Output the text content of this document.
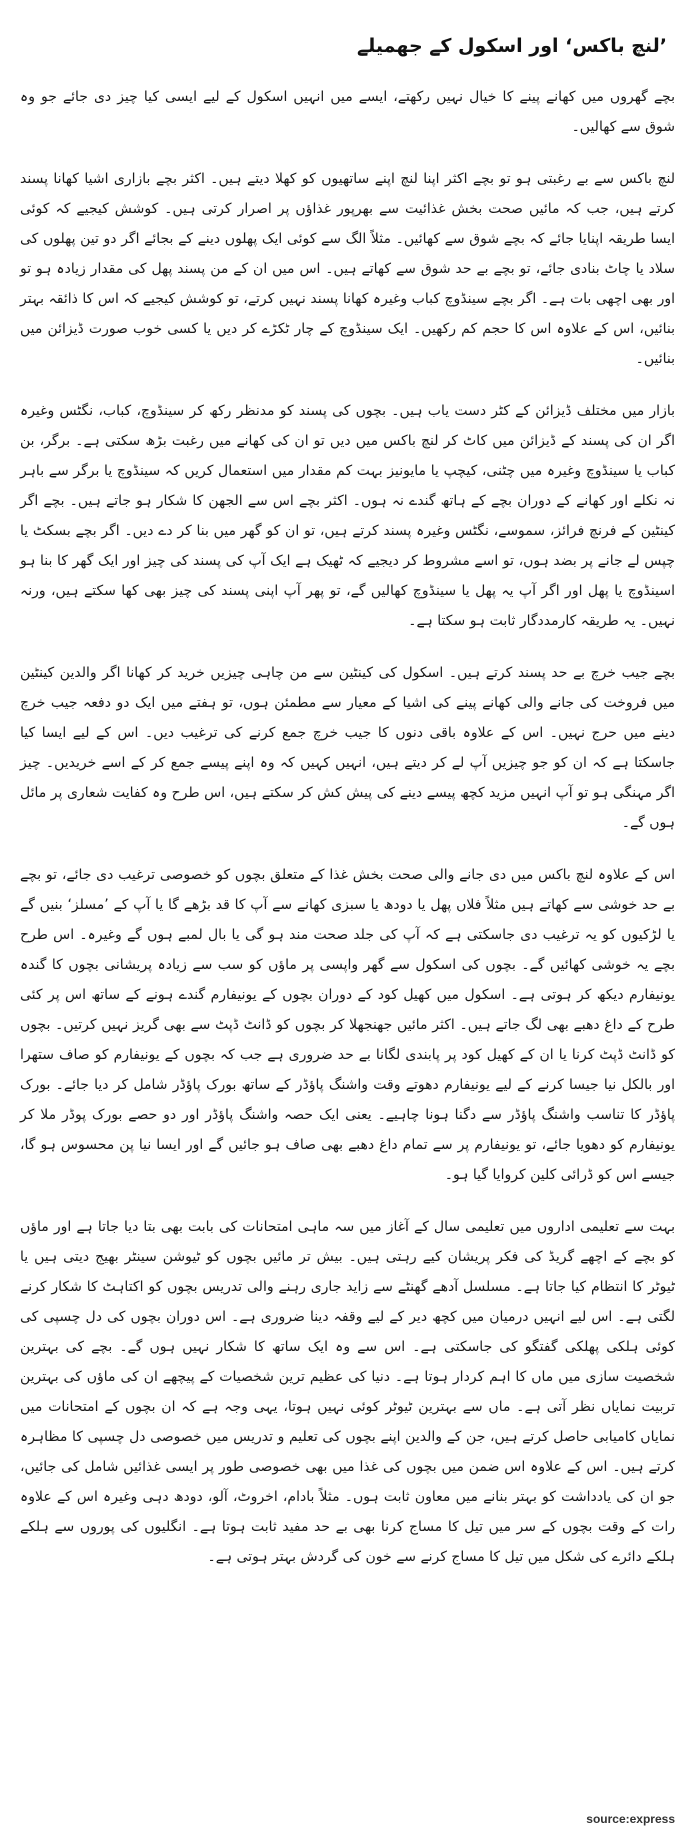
’لنچ باکس‘ اور اسکول کے جھمیلے

بچے گھروں میں کھانے پینے کا خیال نہیں رکھتے، ایسے میں انہیں اسکول کے لیے ایسی کیا چیز دی جائے جو وہ شوق سے کھالیں۔

لنچ باکس سے بے رغبتی ہو تو بچے اکثر اپنا لنچ اپنے ساتھیوں کو کھلا دیتے ہیں۔ اکثر بچے بازاری اشیا کھانا پسند کرتے ہیں، جب کہ مائیں صحت بخش غذائیت سے بھرپور غذاؤں پر اصرار کرتی ہیں۔ کوشش کیجیے کہ کوئی ایسا طریقہ اپنایا جائے کہ بچے شوق سے کھائیں۔ مثلاً الگ سے کوئی ایک پھلوں دینے کے بجائے اگر دو تین پھلوں کی سلاد یا چاٹ بنادی جائے، تو بچے بے حد شوق سے کھاتے ہیں۔ اس میں ان کے من پسند پھل کی مقدار زیادہ ہو تو اور بھی اچھی بات ہے۔ اگر بچے سینڈوچ کباب وغیرہ کھانا پسند نہیں کرتے، تو کوشش کیجیے کہ اس کا ذائقہ بہتر بنائیں، اس کے علاوہ اس کا حجم کم رکھیں۔ ایک سینڈوچ کے چار ٹکڑے کر دیں یا کسی خوب صورت ڈیزائن میں بنائیں۔

بازار میں مختلف ڈیزائن کے کٹر دست یاب ہیں۔ بچوں کی پسند کو مدنظر رکھ کر سینڈوچ، کباب، نگٹس وغیرہ اگر ان کی پسند کے ڈیزائن میں کاٹ کر لنچ باکس میں دیں تو ان کی کھانے میں رغبت بڑھ سکتی ہے۔ برگر، بن کباب یا سینڈوچ وغیرہ میں چٹنی، کیچپ یا مایونیز بہت کم مقدار میں استعمال کریں کہ سینڈوچ یا برگر سے باہر نہ نکلے اور کھانے کے دوران بچے کے ہاتھ گندے نہ ہوں۔ اکثر بچے اس سے الجھن کا شکار ہو جاتے ہیں۔ بچے اگر کینٹین کے فرنچ فرائز، سموسے، نگٹس وغیرہ پسند کرتے ہیں، تو ان کو گھر میں بنا کر دے دیں۔ اگر بچے بسکٹ یا چپس لے جانے پر بضد ہوں، تو اسے مشروط کر دیجیے کہ ٹھیک ہے ایک آپ کی پسند کی چیز اور ایک گھر کا بنا ہو اسینڈوچ یا پھل اور اگر آپ یہ پھل یا سینڈوچ کھالیں گے، تو پھر آپ اپنی پسند کی چیز بھی کھا سکتے ہیں، ورنہ نہیں۔ یہ طریقہ کارمددگار ثابت ہو سکتا ہے۔

بچے جیب خرچ بے حد پسند کرتے ہیں۔ اسکول کی کینٹین سے من چاہی چیزیں خرید کر کھانا اگر والدین کینٹین میں فروخت کی جانے والی کھانے پینے کی اشیا کے معیار سے مطمئن ہوں، تو ہفتے میں ایک دو دفعہ جیب خرچ دینے میں حرج نہیں۔ اس کے علاوہ باقی دنوں کا جیب خرچ جمع کرنے کی ترغیب دیں۔ اس کے لیے ایسا کیا جاسکتا ہے کہ ان کو جو چیزیں آپ لے کر دیتے ہیں، انہیں کہیں کہ وہ اپنے پیسے جمع کر کے اسے خریدیں۔ چیز اگر مہنگی ہو تو آپ انہیں مزید کچھ پیسے دینے کی پیش کش کر سکتے ہیں، اس طرح وہ کفایت شعاری پر مائل ہوں گے۔

اس کے علاوہ لنچ باکس میں دی جانے والی صحت بخش غذا کے متعلق بچوں کو خصوصی ترغیب دی جائے، تو بچے بے حد خوشی سے کھاتے ہیں مثلاً فلاں پھل یا دودھ یا سبزی کھانے سے آپ کا قد بڑھے گا یا آپ کے ’مسلز‘ بنیں گے یا لڑکیوں کو یہ ترغیب دی جاسکتی ہے کہ آپ کی جلد صحت مند ہو گی یا بال لمبے ہوں گے وغیرہ۔ اس طرح بچے یہ خوشی کھائیں گے۔ بچوں کی اسکول سے گھر واپسی پر ماؤں کو سب سے زیادہ پریشانی بچوں کا گندہ یونیفارم دیکھ کر ہوتی ہے۔ اسکول میں کھیل کود کے دوران بچوں کے یونیفارم گندے ہونے کے ساتھ اس پر کئی طرح کے داغ دھبے بھی لگ جاتے ہیں۔ اکثر مائیں جھنجھلا کر بچوں کو ڈانٹ ڈپٹ سے بھی گریز نہیں کرتیں۔ بچوں کو ڈانٹ ڈپٹ کرنا یا ان کے کھیل کود پر پابندی لگانا بے حد ضروری ہے جب کہ بچوں کے یونیفارم کو صاف ستھرا اور بالکل نیا جیسا کرنے کے لیے یونیفارم دھوتے وقت واشنگ پاؤڈر کے ساتھ بورک پاؤڈر شامل کر دیا جائے۔ بورک پاؤڈر کا تناسب واشنگ پاؤڈر سے دگنا ہونا چاہیے۔ یعنی ایک حصہ واشنگ پاؤڈر اور دو حصے بورک پوڈر ملا کر یونیفارم کو دھویا جائے، تو یونیفارم پر سے تمام داغ دھبے بھی صاف ہو جائیں گے اور ایسا نیا پن محسوس ہو گا، جیسے اس کو ڈرائی کلین کروایا گیا ہو۔

بہت سے تعلیمی اداروں میں تعلیمی سال کے آغاز میں سہ ماہی امتحانات کی بابت بھی بتا دیا جاتا ہے اور ماؤں کو بچے کے اچھے گریڈ کی فکر پریشان کیے رہتی ہیں۔ بیش تر مائیں بچوں کو ٹیوشن سینٹر بھیج دیتی ہیں یا ٹیوٹر کا انتظام کیا جاتا ہے۔ مسلسل آدھے گھنٹے سے زاید جاری رہنے والی تدریس بچوں کو اکتاہٹ کا شکار کرنے لگتی ہے۔ اس لیے انہیں درمیان میں کچھ دیر کے لیے وقفہ دینا ضروری ہے۔ اس دوران بچوں کی دل چسپی کی کوئی ہلکی پھلکی گفتگو کی جاسکتی ہے۔ اس سے وہ ایک ساتھ کا شکار نہیں ہوں گے۔ بچے کی بہترین شخصیت سازی میں ماں کا اہم کردار ہوتا ہے۔ دنیا کی عظیم ترین شخصیات کے پیچھے ان کی ماؤں کی بہترین تربیت نمایاں نظر آتی ہے۔ ماں سے بہترین ٹیوٹر کوئی نہیں ہوتا، یہی وجہ ہے کہ ان بچوں کے امتحانات میں نمایاں کامیابی حاصل کرتے ہیں، جن کے والدین اپنے بچوں کی تعلیم و تدریس میں خصوصی دل چسپی کا مظاہرہ کرتے ہیں۔ اس کے علاوہ اس ضمن میں بچوں کی غذا میں بھی خصوصی طور پر ایسی غذائیں شامل کی جائیں، جو ان کی یادداشت کو بہتر بنانے میں معاون ثابت ہوں۔ مثلاً بادام، اخروٹ، آلو، دودھ دہی وغیرہ اس کے علاوہ رات کے وقت بچوں کے سر میں تیل کا مساج کرنا بھی بے حد مفید ثابت ہوتا ہے۔ انگلیوں کی پوروں سے ہلکے ہلکے دائرے کی شکل میں تیل کا مساج کرنے سے خون کی گردش بہتر ہوتی ہے۔

source:express
